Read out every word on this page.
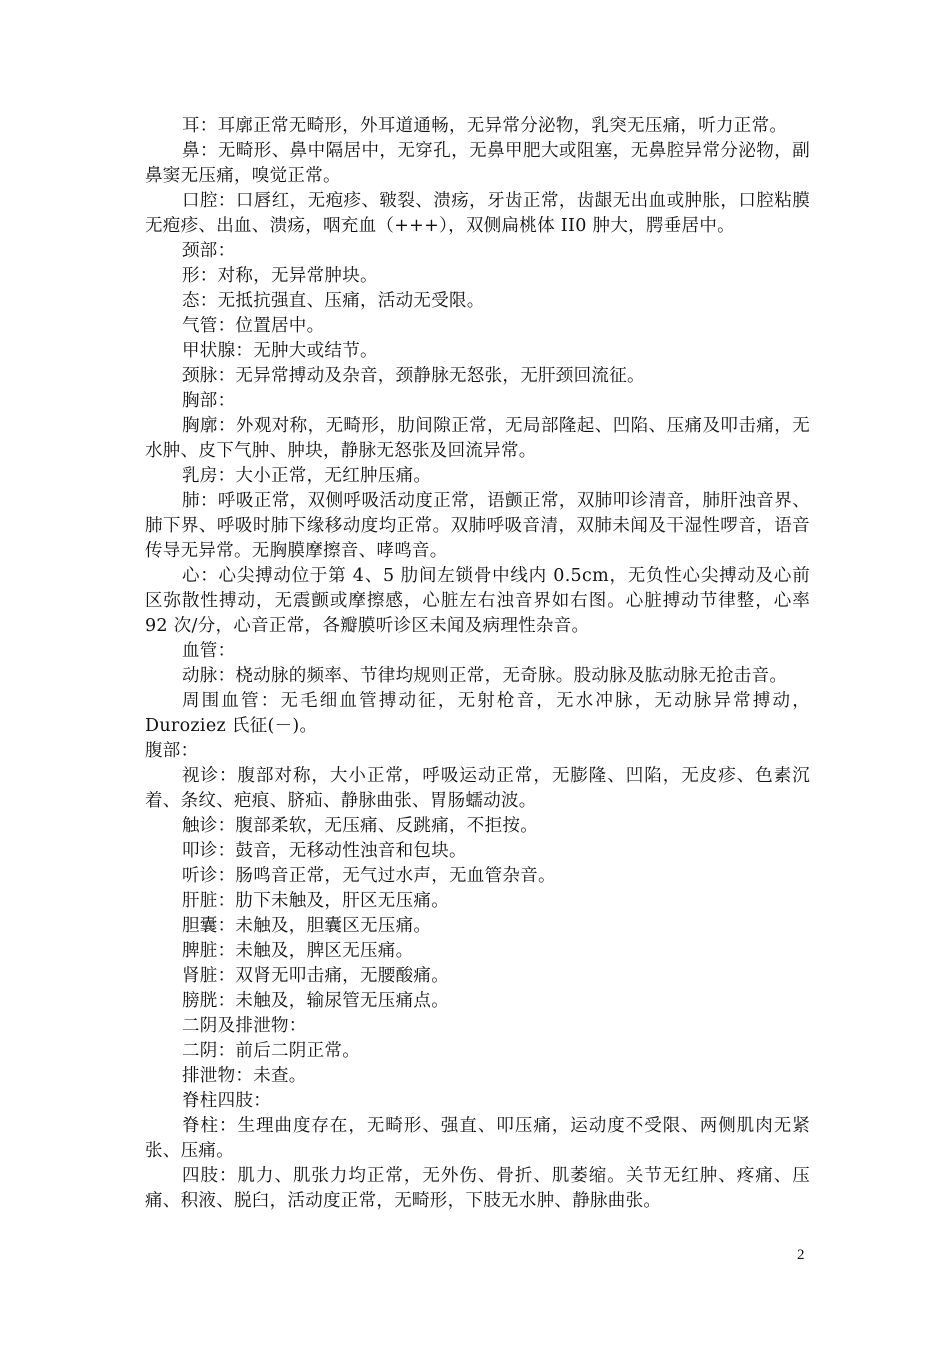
耳：耳廓正常无畸形，外耳道通畅，无异常分泌物，乳突无压痛，听力正常。

鼻：无畸形、鼻中隔居中，无穿孔，无鼻甲肥大或阻塞，无鼻腔异常分泌物，副鼻窦无压痛，嗅觉正常。

口腔：口唇红，无疱疹、皲裂、溃疡，牙齿正常，齿龈无出血或肿胀，口腔粘膜无疱疹、出血、溃疡，咽充血（+++），双侧扁桃体 II0 肿大，腭垂居中。

颈部：

形：对称，无异常肿块。

态：无抵抗强直、压痛，活动无受限。

气管：位置居中。

甲状腺：无肿大或结节。

颈脉：无异常搏动及杂音，颈静脉无怒张，无肝颈回流征。

胸部：

胸廓：外观对称，无畸形，肋间隙正常，无局部隆起、凹陷、压痛及叩击痛，无水肿、皮下气肿、肿块，静脉无怒张及回流异常。

乳房：大小正常，无红肿压痛。

肺：呼吸正常，双侧呼吸活动度正常，语颤正常，双肺叩诊清音，肺肝浊音界、肺下界、呼吸时肺下缘移动度均正常。双肺呼吸音清，双肺未闻及干湿性啰音，语音传导无异常。无胸膜摩擦音、哮鸣音。

心：心尖搏动位于第 4、5 肋间左锁骨中线内 0.5cm，无负性心尖搏动及心前区弥散性搏动，无震颤或摩擦感，心脏左右浊音界如右图。心脏搏动节律整，心率 92 次/分，心音正常，各瓣膜听诊区未闻及病理性杂音。

血管：

动脉：桡动脉的频率、节律均规则正常，无奇脉。股动脉及肱动脉无抢击音。

周围血管：无毛细血管搏动征，无射枪音，无水冲脉，无动脉异常搏动，Duroziez 氏征(－)。

腹部：

视诊：腹部对称，大小正常，呼吸运动正常，无膨隆、凹陷，无皮疹、色素沉着、条纹、疤痕、脐疝、静脉曲张、胃肠蠕动波。

触诊：腹部柔软，无压痛、反跳痛，不拒按。

叩诊：鼓音，无移动性浊音和包块。

听诊：肠鸣音正常，无气过水声，无血管杂音。

肝脏：肋下未触及，肝区无压痛。

胆囊：未触及，胆囊区无压痛。

脾脏：未触及，脾区无压痛。

肾脏：双肾无叩击痛，无腰酸痛。

膀胱：未触及，输尿管无压痛点。

二阴及排泄物：

二阴：前后二阴正常。

排泄物：未查。

脊柱四肢：

脊柱：生理曲度存在，无畸形、强直、叩压痛，运动度不受限、两侧肌肉无紧张、压痛。

四肢：肌力、肌张力均正常，无外伤、骨折、肌萎缩。关节无红肿、疼痛、压痛、积液、脱臼，活动度正常，无畸形，下肢无水肿、静脉曲张。

2
